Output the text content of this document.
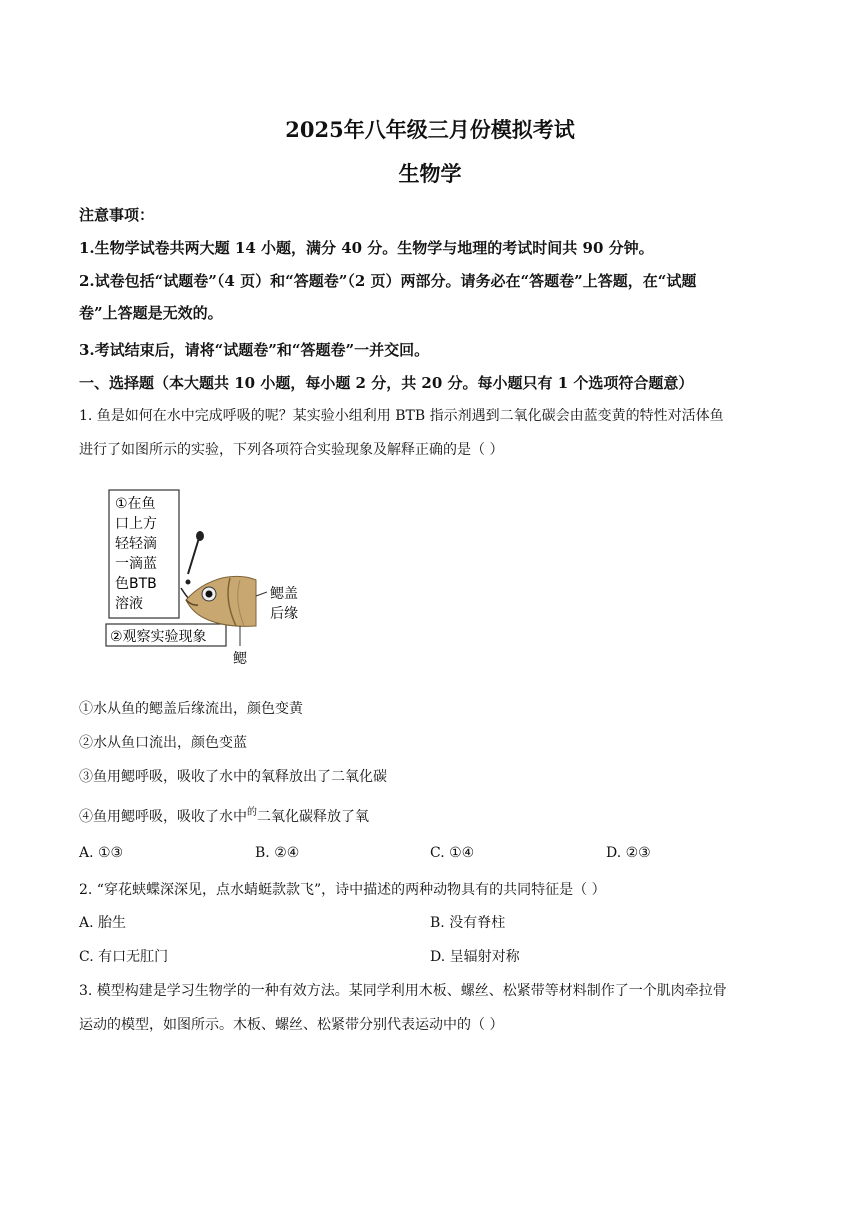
2025年八年级三月份模拟考试
生物学
注意事项：
1.生物学试卷共两大题 14 小题，满分 40 分。生物学与地理的考试时间共 90 分钟。
2.试卷包括“试题卷”（4 页）和“答题卷”（2 页）两部分。请务必在“答题卷”上答题，在“试题
卷”上答题是无效的。
3.考试结束后，请将“试题卷”和“答题卷”一并交回。
一、选择题（本大题共 10 小题，每小题 2 分，共 20 分。每小题只有 1 个选项符合题意）
1. 鱼是如何在水中完成呼吸的呢？某实验小组利用 BTB 指示剂遇到二氧化碳会由蓝变黄的特性对活体鱼
进行了如图所示的实验，下列各项符合实验现象及解释正确的是（ ）
①在鱼
口上方
轻轻滴
一滴蓝
色BTB
溶液
②观察实验现象
鳃盖
后缘
鳃
①水从鱼的鳃盖后缘流出，颜色变黄
②水从鱼口流出，颜色变蓝
③鱼用鳃呼吸，吸收了水中的氧释放出了二氧化碳
④鱼用鳃呼吸，吸收了水中$^的$二氧化碳释放了氧
A. ①③	B. ②④	C. ①④	D. ②③
2. “穿花蛱蝶深深见，点水蜻蜓款款飞”，诗中描述的两种动物具有的共同特征是（ ）
A. 胎生	B. 没有脊柱
C. 有口无肛门	D. 呈辐射对称
3. 模型构建是学习生物学的一种有效方法。某同学利用木板、螺丝、松紧带等材料制作了一个肌肉牵拉骨
运动的模型，如图所示。木板、螺丝、松紧带分别代表运动中的（ ）
